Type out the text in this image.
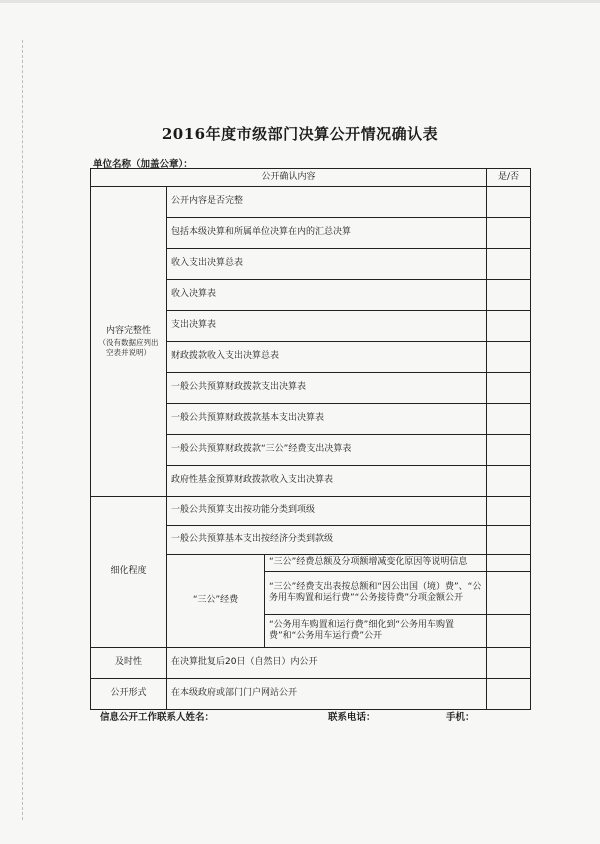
2016年度市级部门决算公开情况确认表
单位名称（加盖公章）：
公开确认内容			是/否
内容完整性
（没有数据应列出空表并说明）	公开内容是否完整		
	包括本级决算和所属单位决算在内的汇总决算		
	收入支出决算总表		
	收入决算表		
	支出决算表		
	财政拨款收入支出决算总表		
	一般公共预算财政拨款支出决算表		
	一般公共预算财政拨款基本支出决算表		
	一般公共预算财政拨款“三公”经费支出决算表		
	政府性基金预算财政拨款收入支出决算表		
细化程度	一般公共预算支出按功能分类到项级		
	一般公共预算基本支出按经济分类到款级		
	“三公”经费	“三公”经费总额及分项额增减变化原因等说明信息	
		“三公”经费支出表按总额和“因公出国（境）费”、“公务用车购置和运行费”“公务接待费”分项金额公开	
		“公务用车购置和运行费”细化到“公务用车购置费”和“公务用车运行费”公开	
及时性	在决算批复后20日（自然日）内公开		
公开形式	在本级政府或部门门户网站公开		
信息公开工作联系人姓名：	联系电话：	手机：
